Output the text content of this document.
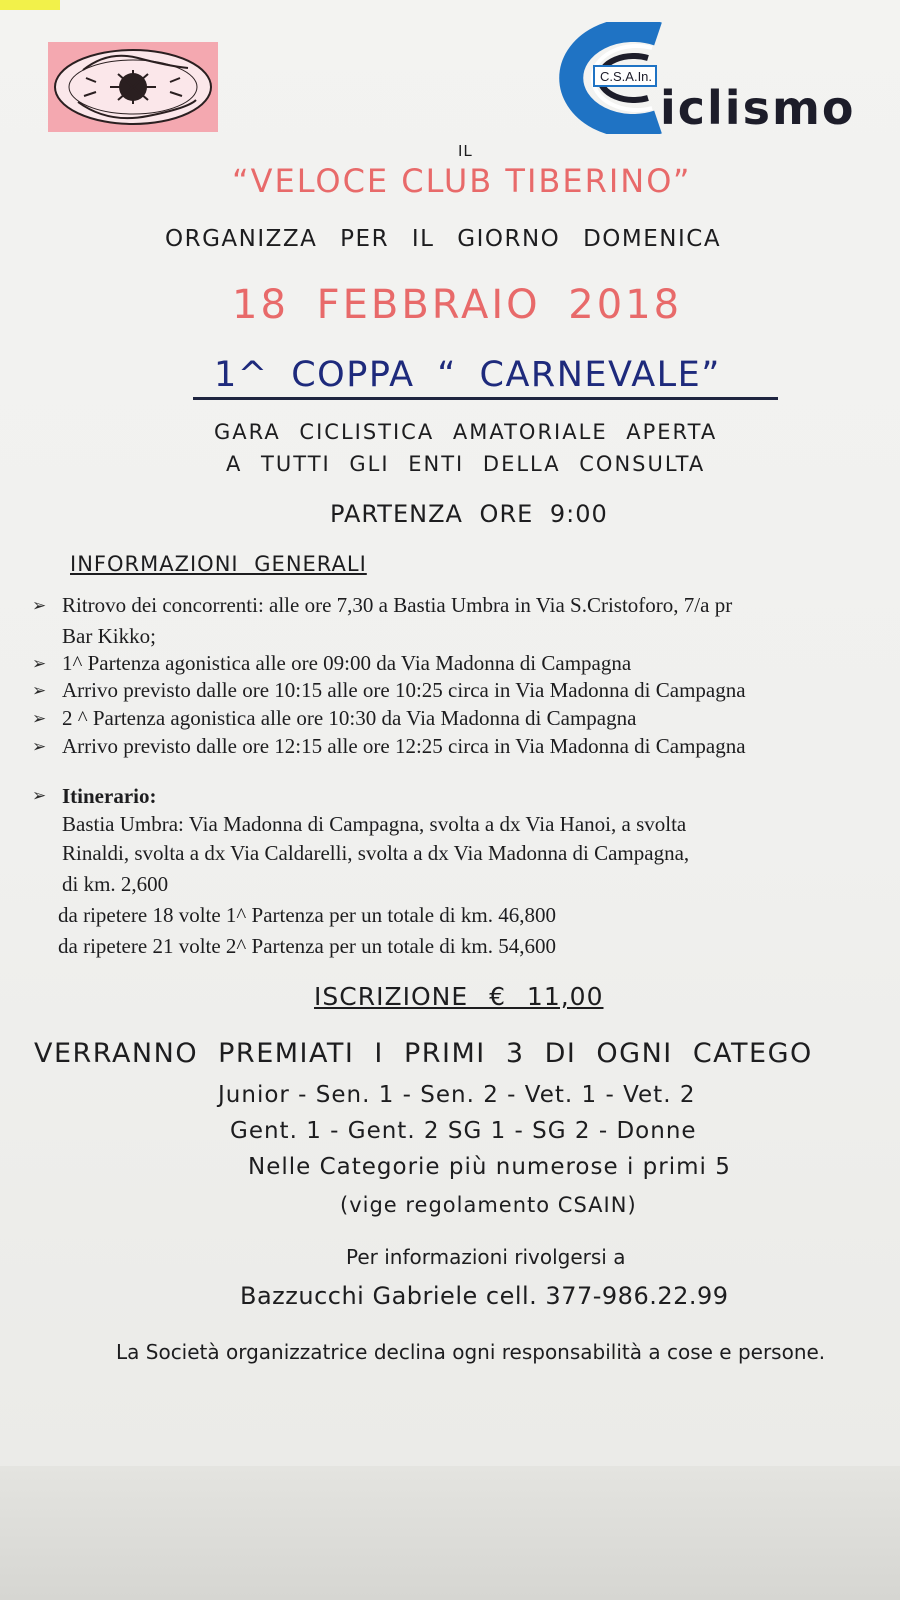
C.S.A.In.
iclismo
IL
“VELOCE CLUB TIBERINO”
ORGANIZZA PER IL GIORNO DOMENICA
18 FEBBRAIO 2018
1^ COPPA “ CARNEVALE”
GARA CICLISTICA AMATORIALE APERTA
A TUTTI GLI ENTI DELLA CONSULTA
PARTENZA ORE 9:00
INFORMAZIONI GENERALI
➢ Ritrovo dei concorrenti: alle ore 7,30 a Bastia Umbra in Via S.Cristoforo, 7/a pr
Bar Kikko;
➢ 1^ Partenza agonistica alle ore 09:00 da Via Madonna di Campagna
➢ Arrivo previsto dalle ore 10:15 alle ore 10:25 circa in Via Madonna di Campagna
➢ 2 ^ Partenza agonistica alle ore 10:30 da Via Madonna di Campagna
➢ Arrivo previsto dalle ore 12:15 alle ore 12:25 circa in Via Madonna di Campagna
➢ Itinerario:
Bastia Umbra: Via Madonna di Campagna, svolta a dx Via Hanoi, a svolta
Rinaldi, svolta a dx Via Caldarelli, svolta a dx Via Madonna di Campagna,
di km. 2,600
da ripetere 18 volte 1^ Partenza per un totale di km. 46,800
da ripetere 21 volte 2^ Partenza per un totale di km. 54,600
ISCRIZIONE € 11,00
VERRANNO PREMIATI I PRIMI 3 DI OGNI CATEGO
Junior - Sen. 1 - Sen. 2 - Vet. 1 - Vet. 2
Gent. 1 - Gent. 2 SG 1 - SG 2 - Donne
Nelle Categorie più numerose i primi 5
(vige regolamento CSAIN)
Per informazioni rivolgersi a
Bazzucchi Gabriele cell. 377-986.22.99
La Società organizzatrice declina ogni responsabilità a cose e persone.
